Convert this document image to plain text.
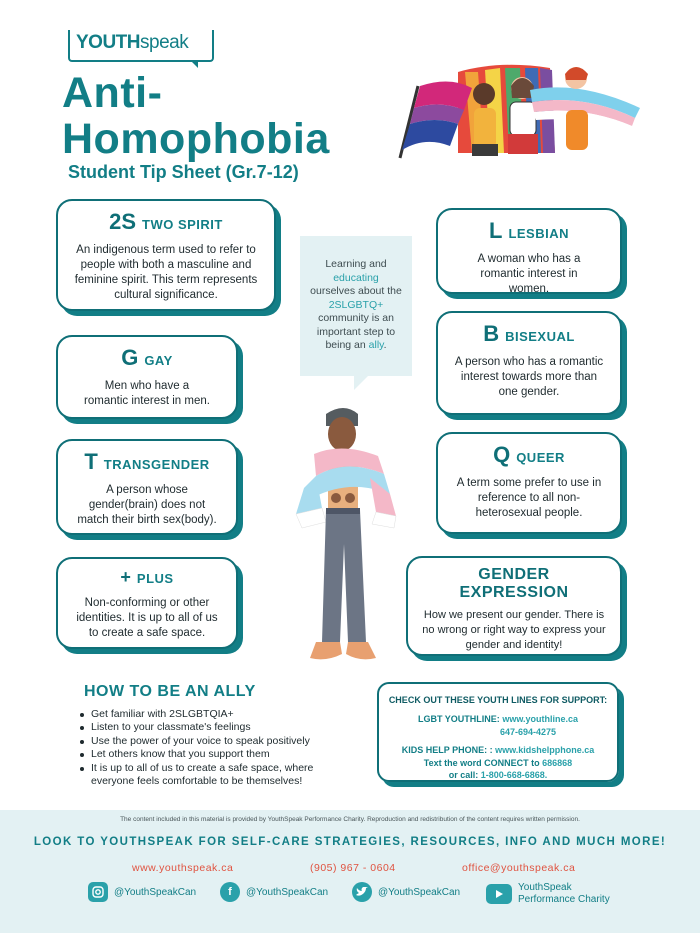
YOUTHspeak
Anti-
Homophobia
Student Tip Sheet (Gr.7-12)
2S TWO SPIRIT
An indigenous term used to refer to people with both a masculine and feminine spirit. This term represents cultural significance.
G GAY
Men who have a romantic interest in men.
T TRANSGENDER
A person whose gender(brain) does not match their birth sex(body).
+ PLUS
Non-conforming or other identities. It is up to all of us to create a safe space.
L LESBIAN
A woman who has a romantic interest in women.
B BISEXUAL
A person who has a romantic interest towards more than one gender.
Q QUEER
A term some prefer to use in reference to all non-heterosexual people.
GENDER EXPRESSION
How we present our gender. There is no wrong or right way to express your gender and identity!
Learning and
educating
ourselves about the 2SLGBTQ+ community is an important step to being an ally.
HOW TO BE AN ALLY
Get familiar with 2SLGBTQIA+
Listen to your classmate's feelings
Use the power of your voice to speak positively
Let others know that you support them
It is up to all of us to create a safe space, where everyone feels comfortable to be themselves!
CHECK OUT THESE YOUTH LINES FOR SUPPORT:

LGBT YOUTHLINE: www.youthline.ca

647-694-4275

KIDS HELP PHONE: : www.kidshelpphone.ca

Text the word CONNECT to 686868

or call: 1-800-668-6868.

The content included in this material is provided by YouthSpeak Performance Charity. Reproduction and redistribution of the content requires written permission.
LOOK TO YOUTHSPEAK FOR SELF-CARE STRATEGIES, RESOURCES, INFO AND MUCH MORE!
www.youthspeak.ca	(905) 967 - 0604	office@youthspeak.ca
@YouthSpeakCan	f	@YouthSpeakCan	@YouthSpeakCan	YouthSpeak
Performance Charity
